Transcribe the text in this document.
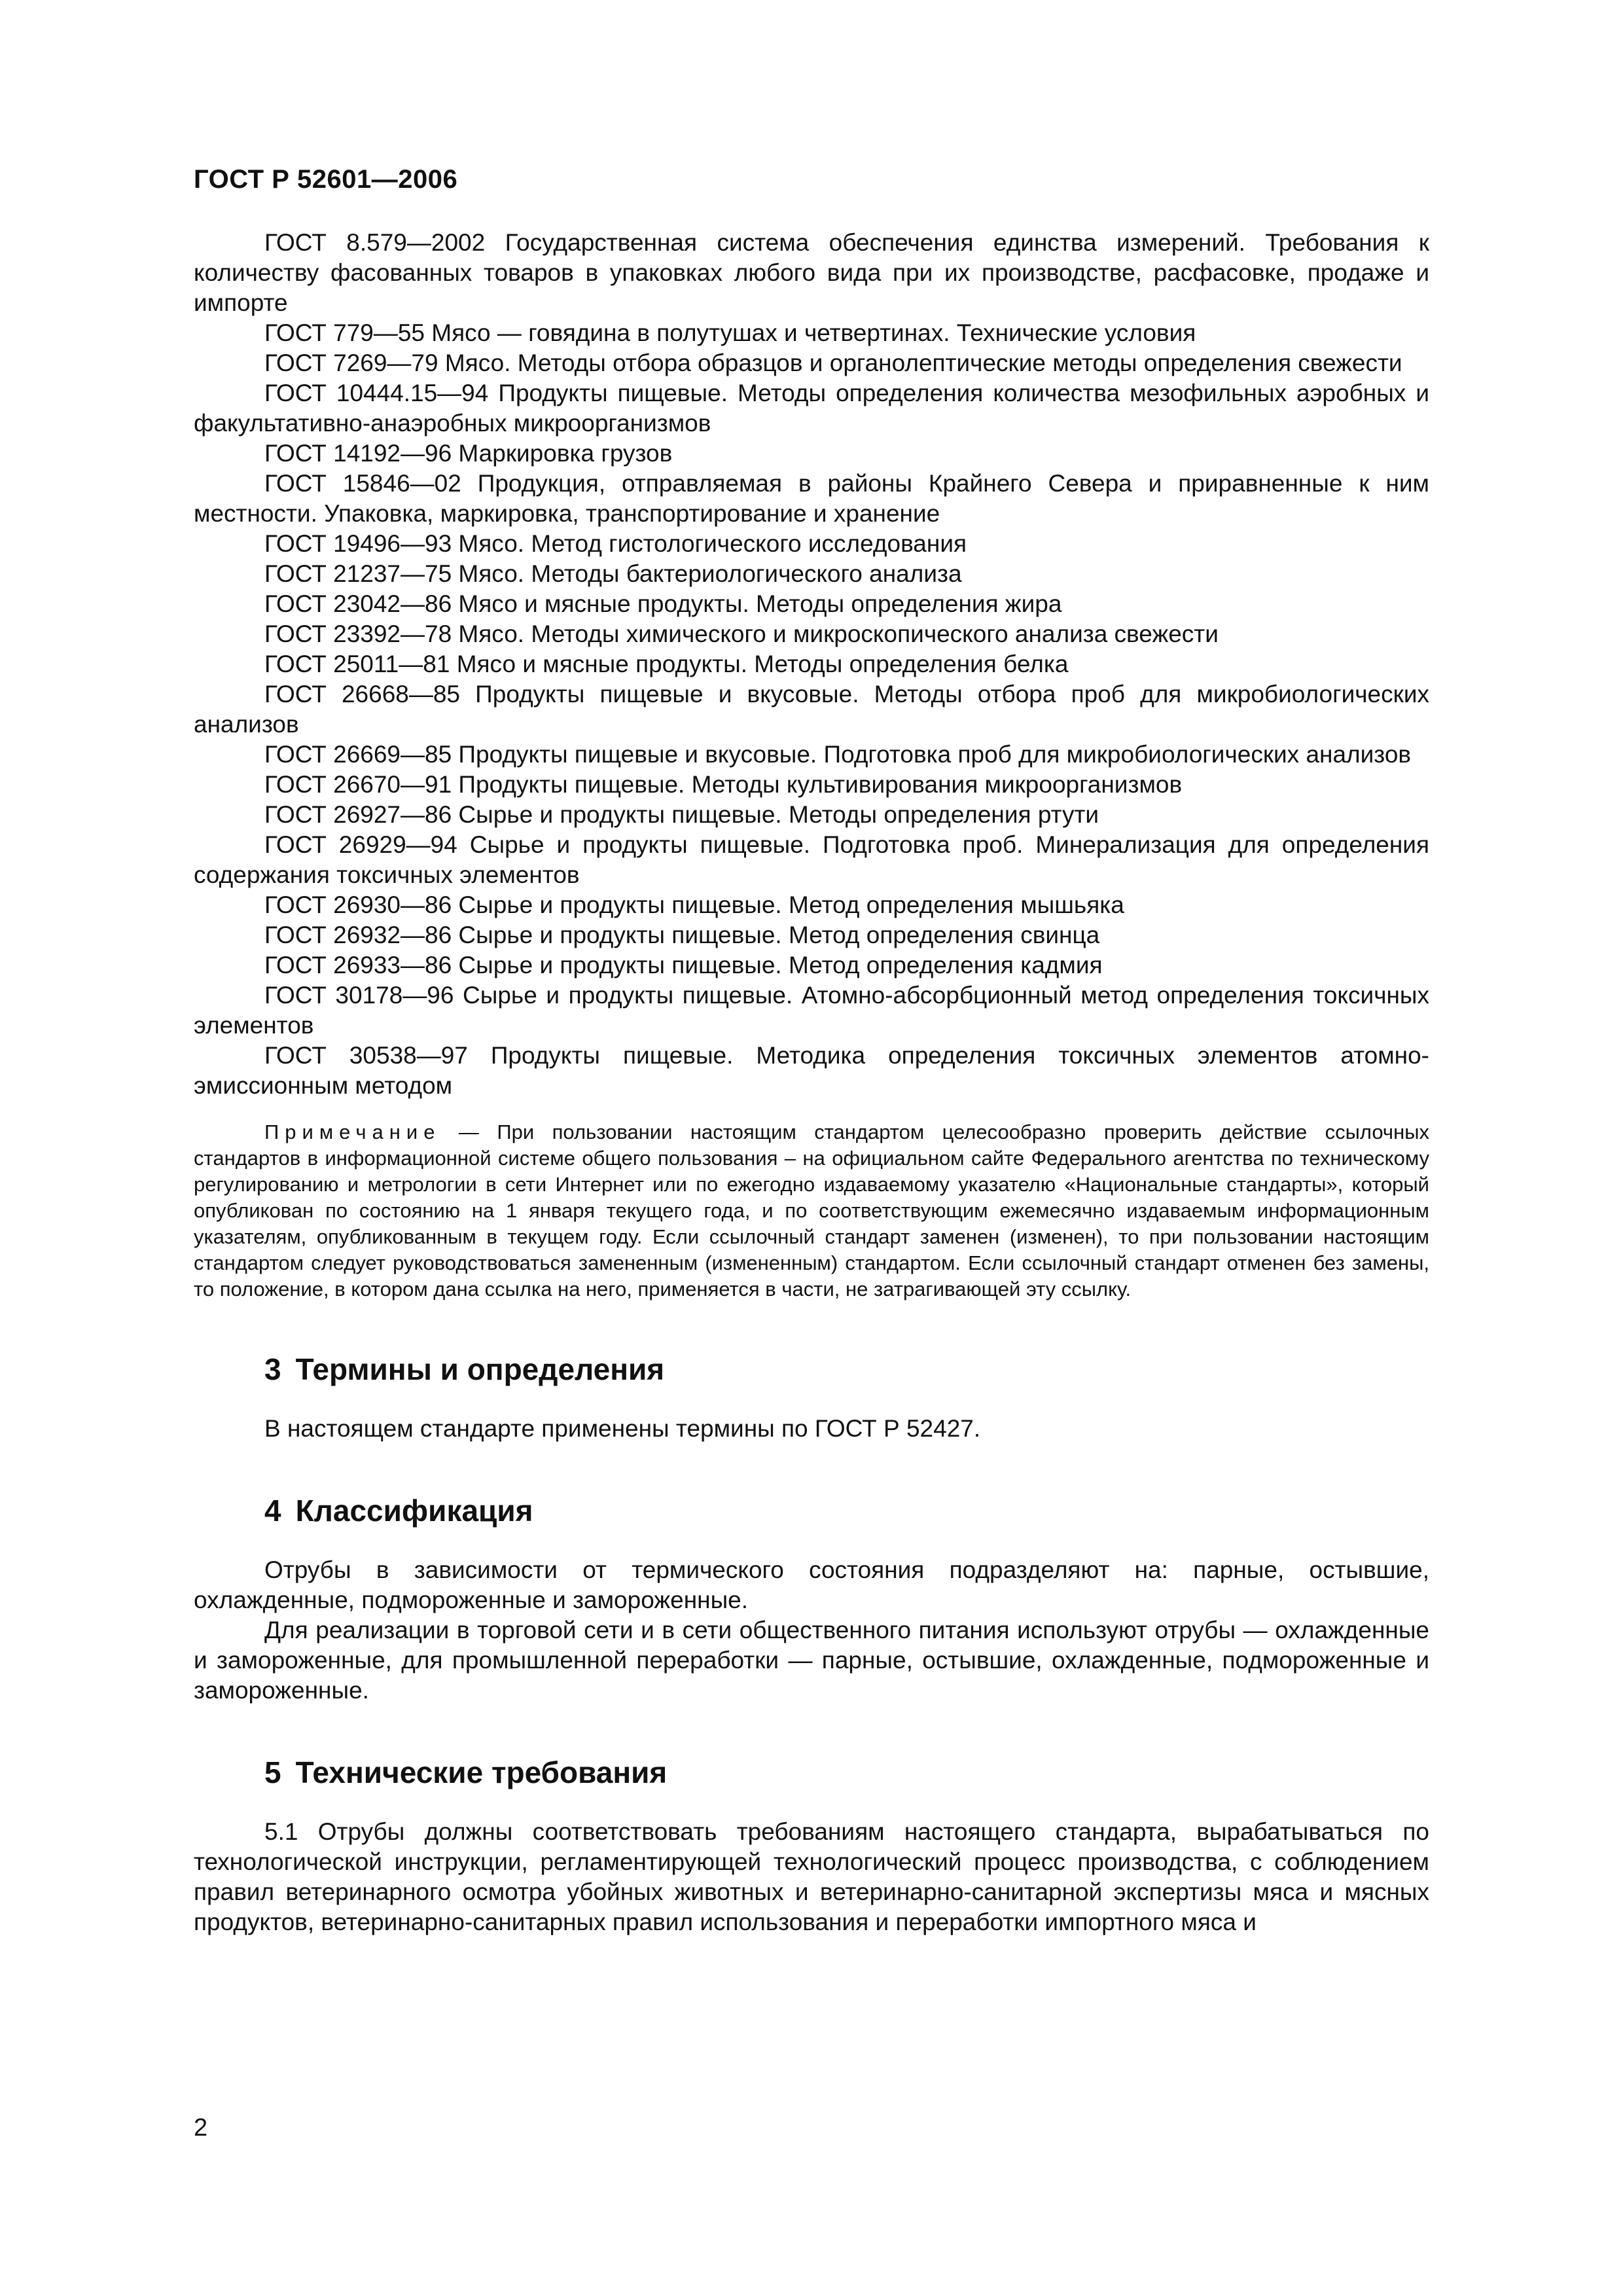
ГОСТ Р 52601—2006

ГОСТ 8.579—2002 Государственная система обеспечения единства измерений. Требования к количеству фасованных товаров в упаковках любого вида при их производстве, расфасовке, продаже и импорте

ГОСТ 779—55 Мясо — говядина в полутушах и четвертинах. Технические условия

ГОСТ 7269—79 Мясо. Методы отбора образцов и органолептические методы определения свежести

ГОСТ 10444.15—94 Продукты пищевые. Методы определения количества мезофильных аэробных и факультативно-анаэробных микроорганизмов

ГОСТ 14192—96 Маркировка грузов

ГОСТ 15846—02 Продукция, отправляемая в районы Крайнего Севера и приравненные к ним местности. Упаковка, маркировка, транспортирование и хранение

ГОСТ 19496—93 Мясо. Метод гистологического исследования

ГОСТ 21237—75 Мясо. Методы бактериологического анализа

ГОСТ 23042—86 Мясо и мясные продукты. Методы определения жира

ГОСТ 23392—78 Мясо. Методы химического и микроскопического анализа свежести

ГОСТ 25011—81 Мясо и мясные продукты. Методы определения белка

ГОСТ 26668—85 Продукты пищевые и вкусовые. Методы отбора проб для микробиологических анализов

ГОСТ 26669—85 Продукты пищевые и вкусовые. Подготовка проб для микробиологических анализов

ГОСТ 26670—91 Продукты пищевые. Методы культивирования микроорганизмов

ГОСТ 26927—86 Сырье и продукты пищевые. Методы определения ртути

ГОСТ 26929—94 Сырье и продукты пищевые. Подготовка проб. Минерализация для определения содержания токсичных элементов

ГОСТ 26930—86 Сырье и продукты пищевые. Метод определения мышьяка

ГОСТ 26932—86 Сырье и продукты пищевые. Метод определения свинца

ГОСТ 26933—86 Сырье и продукты пищевые. Метод определения кадмия

ГОСТ 30178—96 Сырье и продукты пищевые. Атомно-абсорбционный метод определения токсичных элементов

ГОСТ 30538—97 Продукты пищевые. Методика определения токсичных элементов атомно-эмиссионным методом

Примечание — При пользовании настоящим стандартом целесообразно проверить действие ссылочных стандартов в информационной системе общего пользования – на официальном сайте Федерального агентства по техническому регулированию и метрологии в сети Интернет или по ежегодно издаваемому указателю «Национальные стандарты», который опубликован по состоянию на 1 января текущего года, и по соответствующим ежемесячно издаваемым информационным указателям, опубликованным в текущем году. Если ссылочный стандарт заменен (изменен), то при пользовании настоящим стандартом следует руководствоваться замененным (измененным) стандартом. Если ссылочный стандарт отменен без замены, то положение, в котором дана ссылка на него, применяется в части, не затрагивающей эту ссылку.
3 Термины и определения

В настоящем стандарте применены термины по ГОСТ Р 52427.

4 Классификация

Отрубы в зависимости от термического состояния подразделяют на: парные, остывшие, охлажденные, подмороженные и замороженные.

Для реализации в торговой сети и в сети общественного питания используют отрубы — охлажденные и замороженные, для промышленной переработки — парные, остывшие, охлажденные, подмороженные и замороженные.

5 Технические требования

5.1 Отрубы должны соответствовать требованиям настоящего стандарта, вырабатываться по технологической инструкции, регламентирующей технологический процесс производства, с соблюдением правил ветеринарного осмотра убойных животных и ветеринарно-санитарной экспертизы мяса и мясных продуктов, ветеринарно-санитарных правил использования и переработки импортного мяса и

2
